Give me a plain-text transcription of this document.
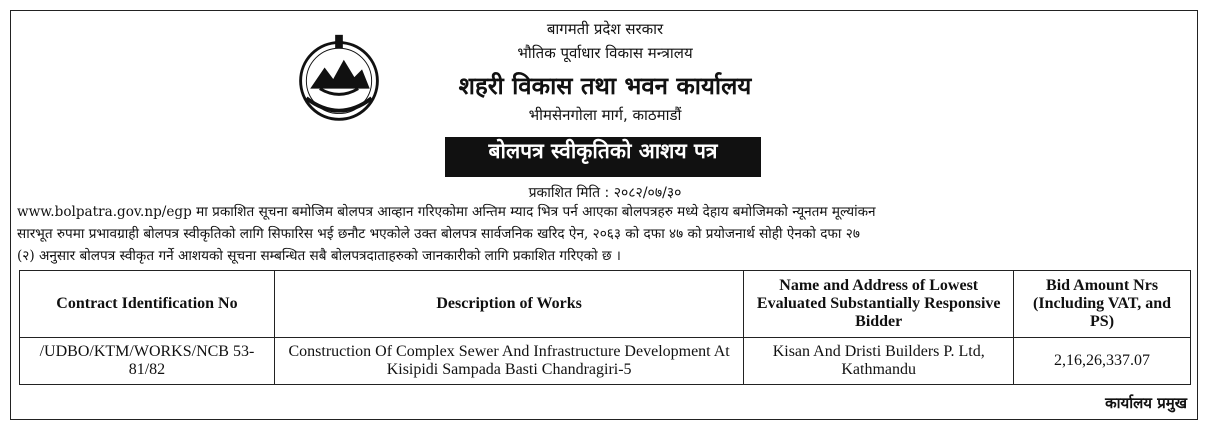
बागमती प्रदेश सरकार
भौतिक पूर्वाधार विकास मन्त्रालय
शहरी विकास तथा भवन कार्यालय
भीमसेनगोला मार्ग, काठमाडौं
बोलपत्र स्वीकृतिको आशय पत्र
प्रकाशित मिति : २०८२/०७/३०
www.bolpatra.gov.np/egp मा प्रकाशित सूचना बमोजिम बोलपत्र आव्हान गरिएकोमा अन्तिम म्याद भित्र पर्न आएका बोलपत्रहरु मध्ये देहाय बमोजिमको न्यूनतम मूल्यांकन
सारभूत रुपमा प्रभावग्राही बोलपत्र स्वीकृतिको लागि सिफारिस भई छनौट भएकोले उक्त बोलपत्र सार्वजनिक खरिद ऐन, २०६३ को दफा ४७ को प्रयोजनार्थ सोही ऐनको दफा २७
(२) अनुसार बोलपत्र स्वीकृत गर्ने आशयको सूचना सम्बन्धित सबै बोलपत्रदाताहरुको जानकारीको लागि प्रकाशित गरिएको छ ।
Contract Identification No	Description of Works	Name and Address of Lowest Evaluated Substantially Responsive Bidder	Bid Amount Nrs (Including VAT, and PS)
/UDBO/KTM/WORKS/NCB 53-81/82	Construction Of Complex Sewer And Infrastructure Development At Kisipidi Sampada Basti Chandragiri-5	Kisan And Dristi Builders P. Ltd, Kathmandu	2,16,26,337.07
कार्यालय प्रमुख
